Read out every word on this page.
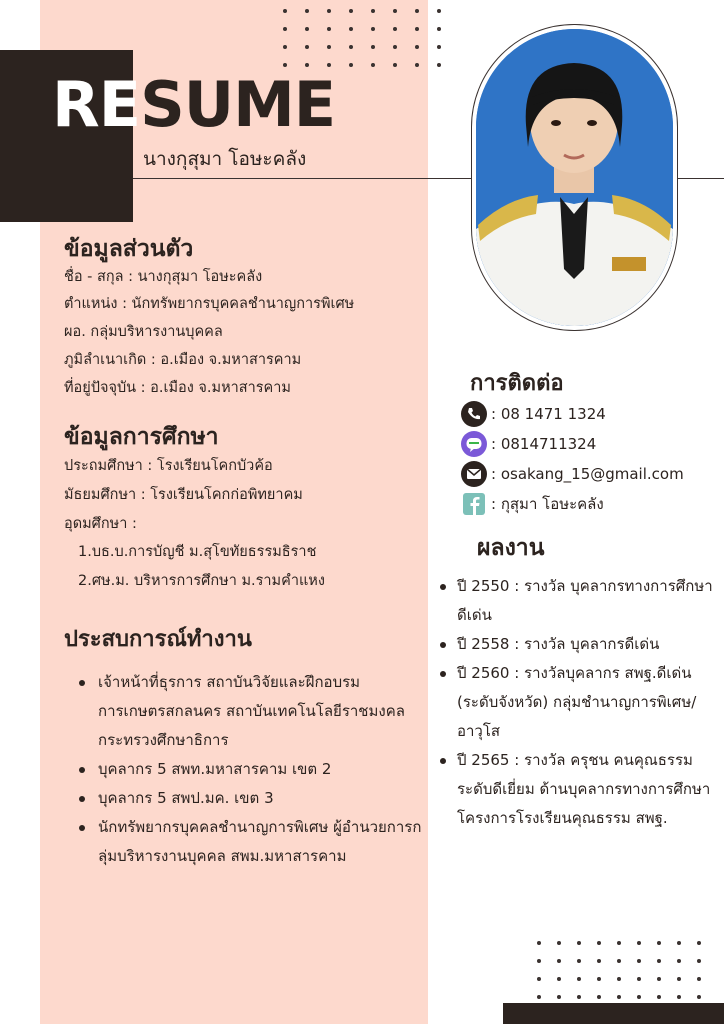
RESUME

นางกุสุมา โอษะคลัง

ข้อมูลส่วนตัว

ชื่อ - สกุล : นางกุสุมา โอษะคลัง

ตำแหน่ง : นักทรัพยากรบุคคลชำนาญการพิเศษ

ผอ. กลุ่มบริหารงานบุคคล

ภูมิลำเนาเกิด : อ.เมือง จ.มหาสารคาม

ที่อยู่ปัจจุบัน : อ.เมือง จ.มหาสารคาม

ข้อมูลการศึกษา

ประถมศึกษา : โรงเรียนโคกบัวค้อ

มัธยมศึกษา : โรงเรียนโคกก่อพิทยาคม

อุดมศึกษา :

1.บธ.บ.การบัญชี ม.สุโขทัยธรรมธิราช

2.ศษ.ม. บริหารการศึกษา ม.รามคำแหง

ประสบการณ์ทำงาน
เจ้าหน้าที่ธุรการ สถาบันวิจัยและฝึกอบรมการเกษตรสกลนคร สถาบันเทคโนโลยีราชมงคล กระทรวงศึกษาธิการ
บุคลากร 5 สพท.มหาสารคาม เขต 2
บุคลากร 5 สพป.มค. เขต 3
นักทรัพยากรบุคคลชำนาญการพิเศษ ผู้อำนวยการกลุ่มบริหารงานบุคคล สพม.มหาสารคาม
การติดต่อ
: 08 1471 1324
: 0814711324
: osakang_15@gmail.com
: กุสุมา โอษะคลัง
ผลงาน
ปี 2550 : รางวัล บุคลากรทางการศึกษาดีเด่น
ปี 2558 : รางวัล บุคลากรดีเด่น
ปี 2560 : รางวัลบุคลากร สพฐ.ดีเด่น (ระดับจังหวัด) กลุ่มชำนาญการพิเศษ/อาวุโส
ปี 2565 : รางวัล ครุชน คนคุณธรรม ระดับดีเยี่ยม ด้านบุคลากรทางการศึกษา โครงการโรงเรียนคุณธรรม สพฐ.
